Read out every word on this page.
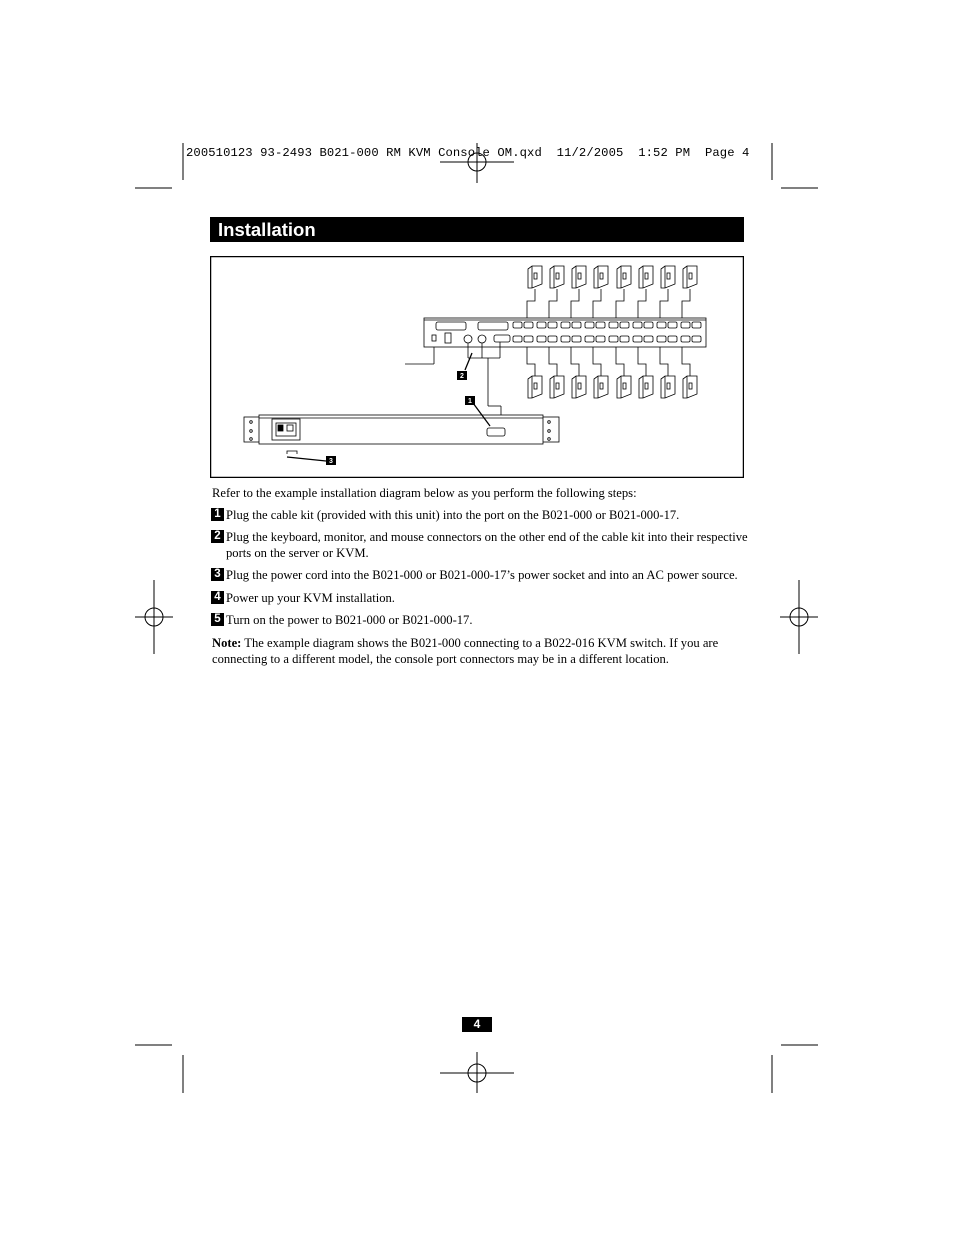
200510123 93-2493 B021-000 RM KVM Console OM.qxd  11/2/2005  1:52 PM  Page 4
Installation
1
2
3
Refer to the example installation diagram below as you perform the following steps:
1 Plug the cable kit (provided with this unit) into the port on the B021-000 or B021-000-17.
2 Plug the keyboard, monitor, and mouse connectors on the other end of the cable kit into their respective ports on the server or KVM.
3 Plug the power cord into the B021-000 or B021-000-17’s power socket and into an AC power source.
4 Power up your KVM installation.
5 Turn on the power to B021-000 or B021-000-17.
Note: The example diagram shows the B021-000 connecting to a B022-016 KVM switch. If you are connecting to a different model, the console port connectors may be in a different location.
4
